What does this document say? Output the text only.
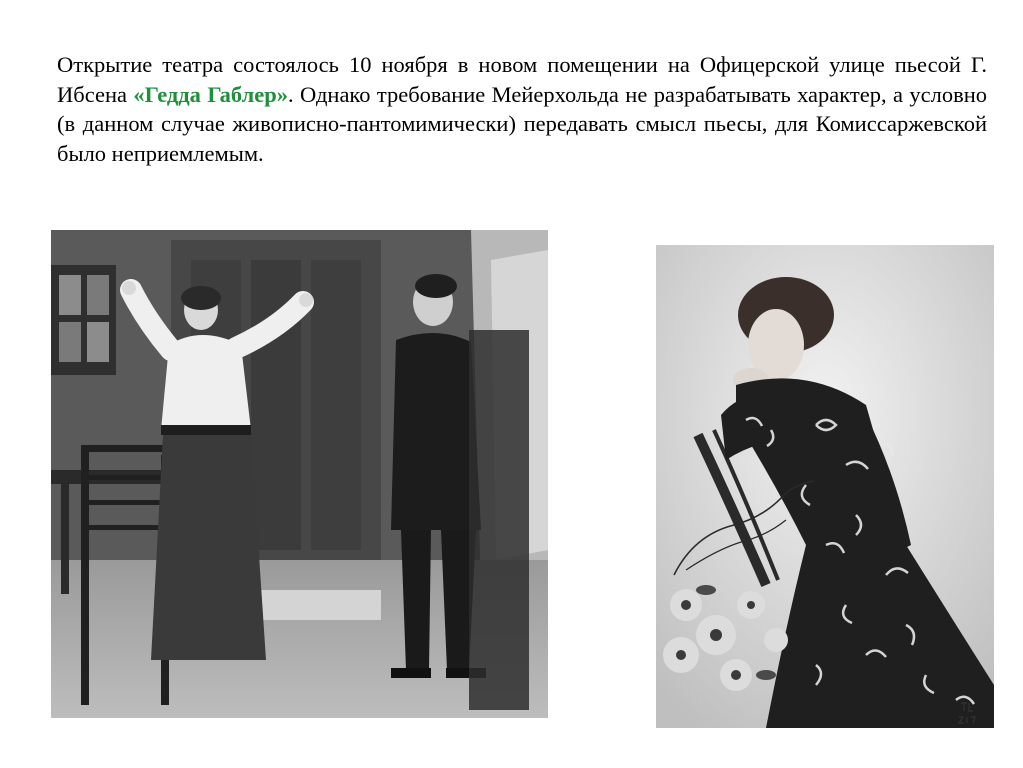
Открытие театра состоялось 10 ноября в новом помещении на Офицерской улице пьесой Г. Ибсена «Гедда Габлер». Однако требование Мейерхольда не разрабатывать характер, а условно (в данном случае живописно-пантомимически) передавать смысл пьесы, для Комиссаржевской было неприемлемым.
